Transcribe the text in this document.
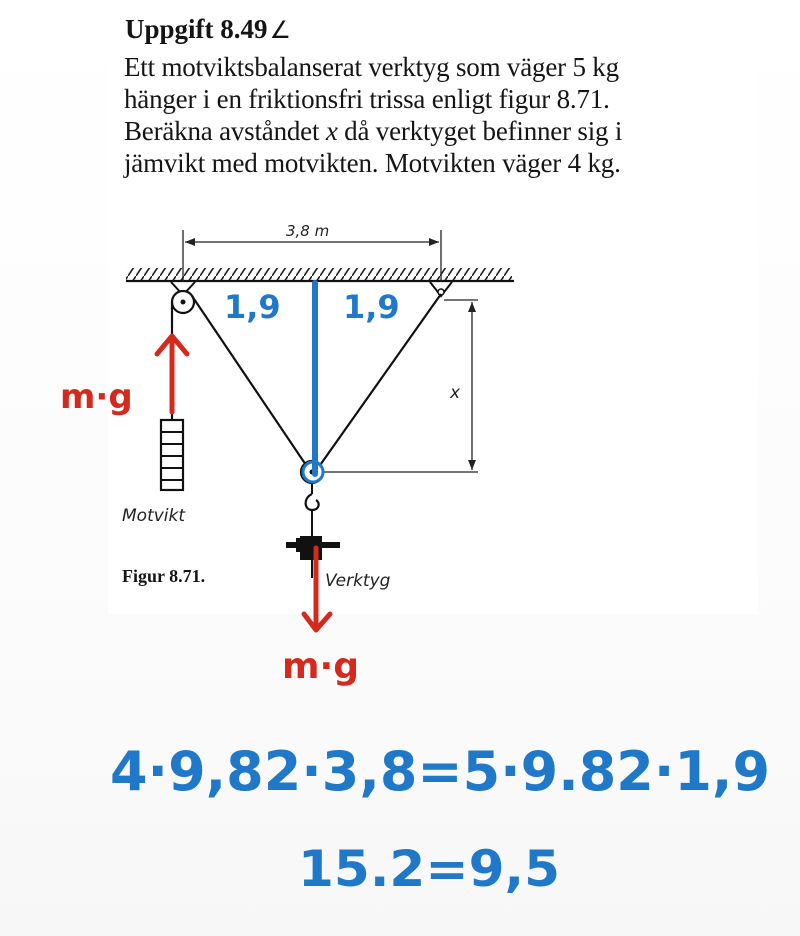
Uppgift 8.49∠
Ett motviktsbalanserat verktyg som väger 5 kg
hänger i en friktionsfri trissa enligt figur 8.71.
Beräkna avståndet x då verktyget befinner sig i
jämvikt med motvikten. Motvikten väger 4 kg.
3,8 m
Motvikt
Verktyg
Figur 8.71.
x
1,9 1,9
m·g
m·g
4·9,82·3,8=5·9.82·1,9
15.2=9,5
